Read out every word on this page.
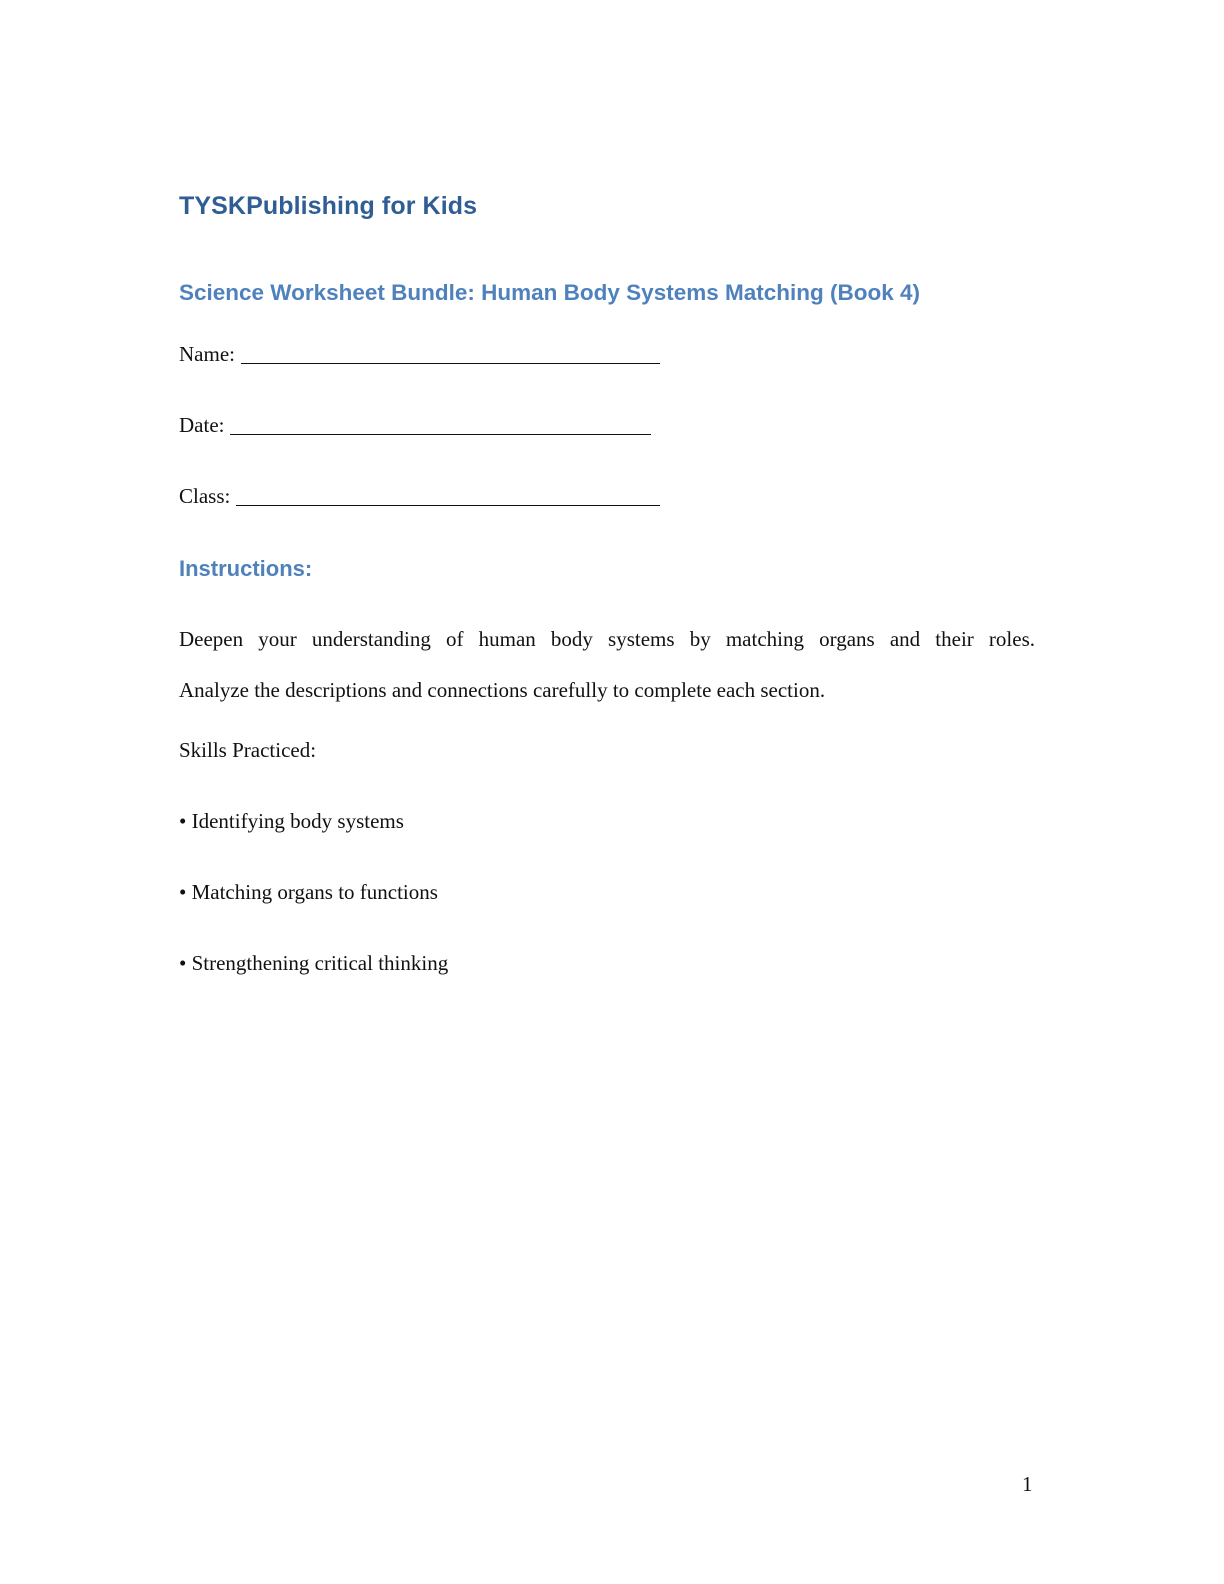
TYSKPublishing for Kids
Science Worksheet Bundle: Human Body Systems Matching (Book 4)
Name:
Date:
Class:
Instructions:
Deepen your understanding of human body systems by matching organs and their roles.
Analyze the descriptions and connections carefully to complete each section.
Skills Practiced:
• Identifying body systems
• Matching organs to functions
• Strengthening critical thinking
1
